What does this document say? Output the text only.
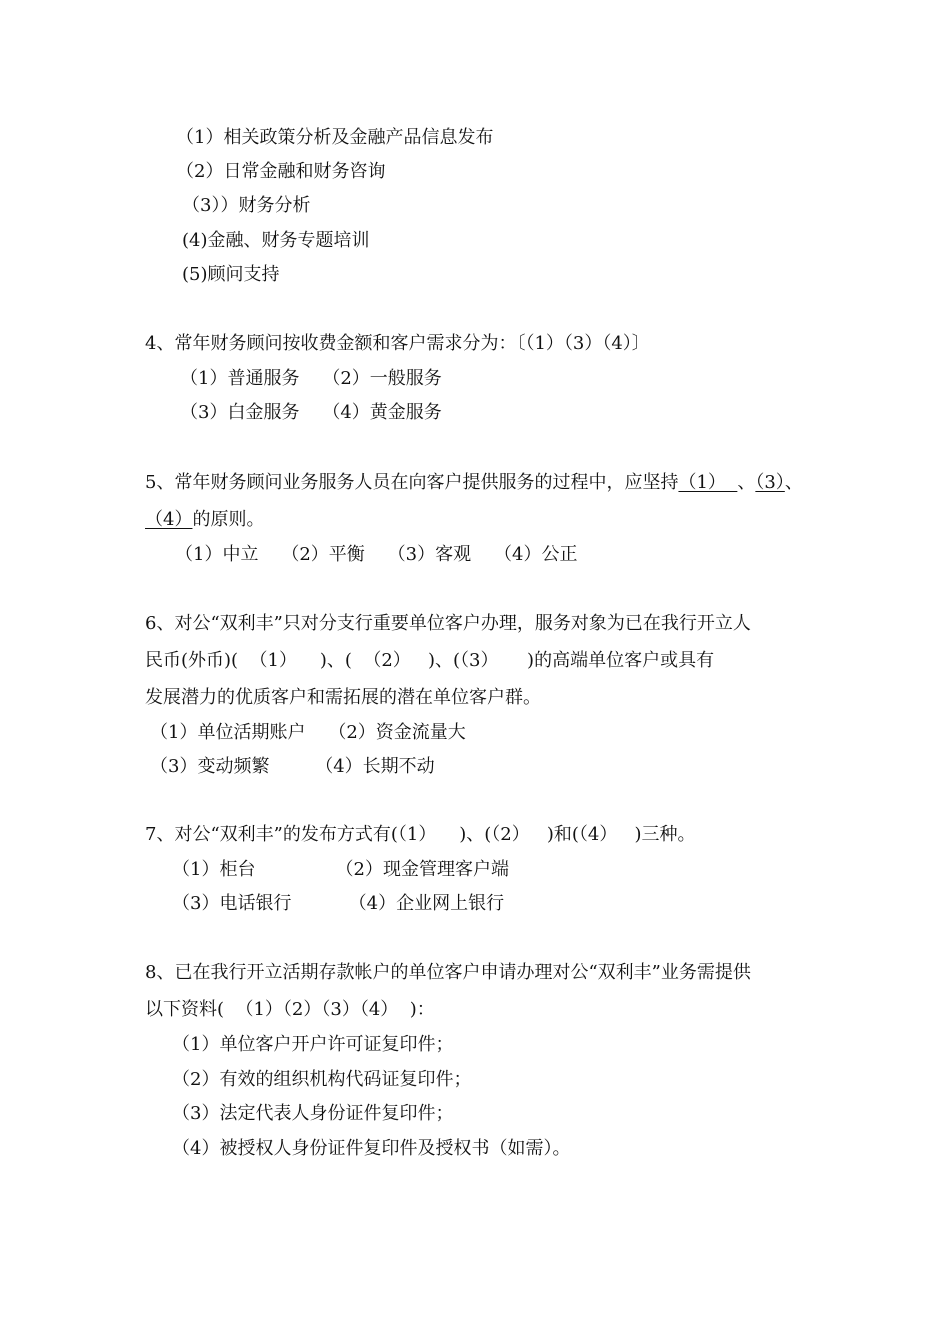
（1）相关政策分析及金融产品信息发布
（2）日常金融和财务咨询
（3））财务分析
(4)金融、财务专题培训
(5)顾问支持
4、常年财务顾问按收费金额和客户需求分为：〔（1）（3）（4）〕
（1）普通服务    （2）一般服务
（3）白金服务    （4）黄金服务
5、常年财务顾问业务服务人员在向客户提供服务的过程中，应坚持（1）  、（3）、
（4）的原则。
（1）中立    （2）平衡    （3）客观    （4）公正
6、对公“双利丰”只对分支行重要单位客户办理，服务对象为已在我行开立人
民币(外币)(  （1）    )、(  （2）   )、(（3）     )的高端单位客户或具有
发展潜力的优质客户和需拓展的潜在单位客户群。
（1）单位活期账户    （2）资金流量大
（3）变动频繁        （4）长期不动
7、对公“双利丰”的发布方式有(（1）    )、(（2）   )和(（4）   )三种。
（1）柜台              （2）现金管理客户端
（3）电话银行          （4）企业网上银行
8、已在我行开立活期存款帐户的单位客户申请办理对公“双利丰”业务需提供
以下资料(  （1）（2）（3）（4）  )：
（1）单位客户开户许可证复印件；
（2）有效的组织机构代码证复印件；
（3）法定代表人身份证件复印件；
（4）被授权人身份证件复印件及授权书（如需）。
